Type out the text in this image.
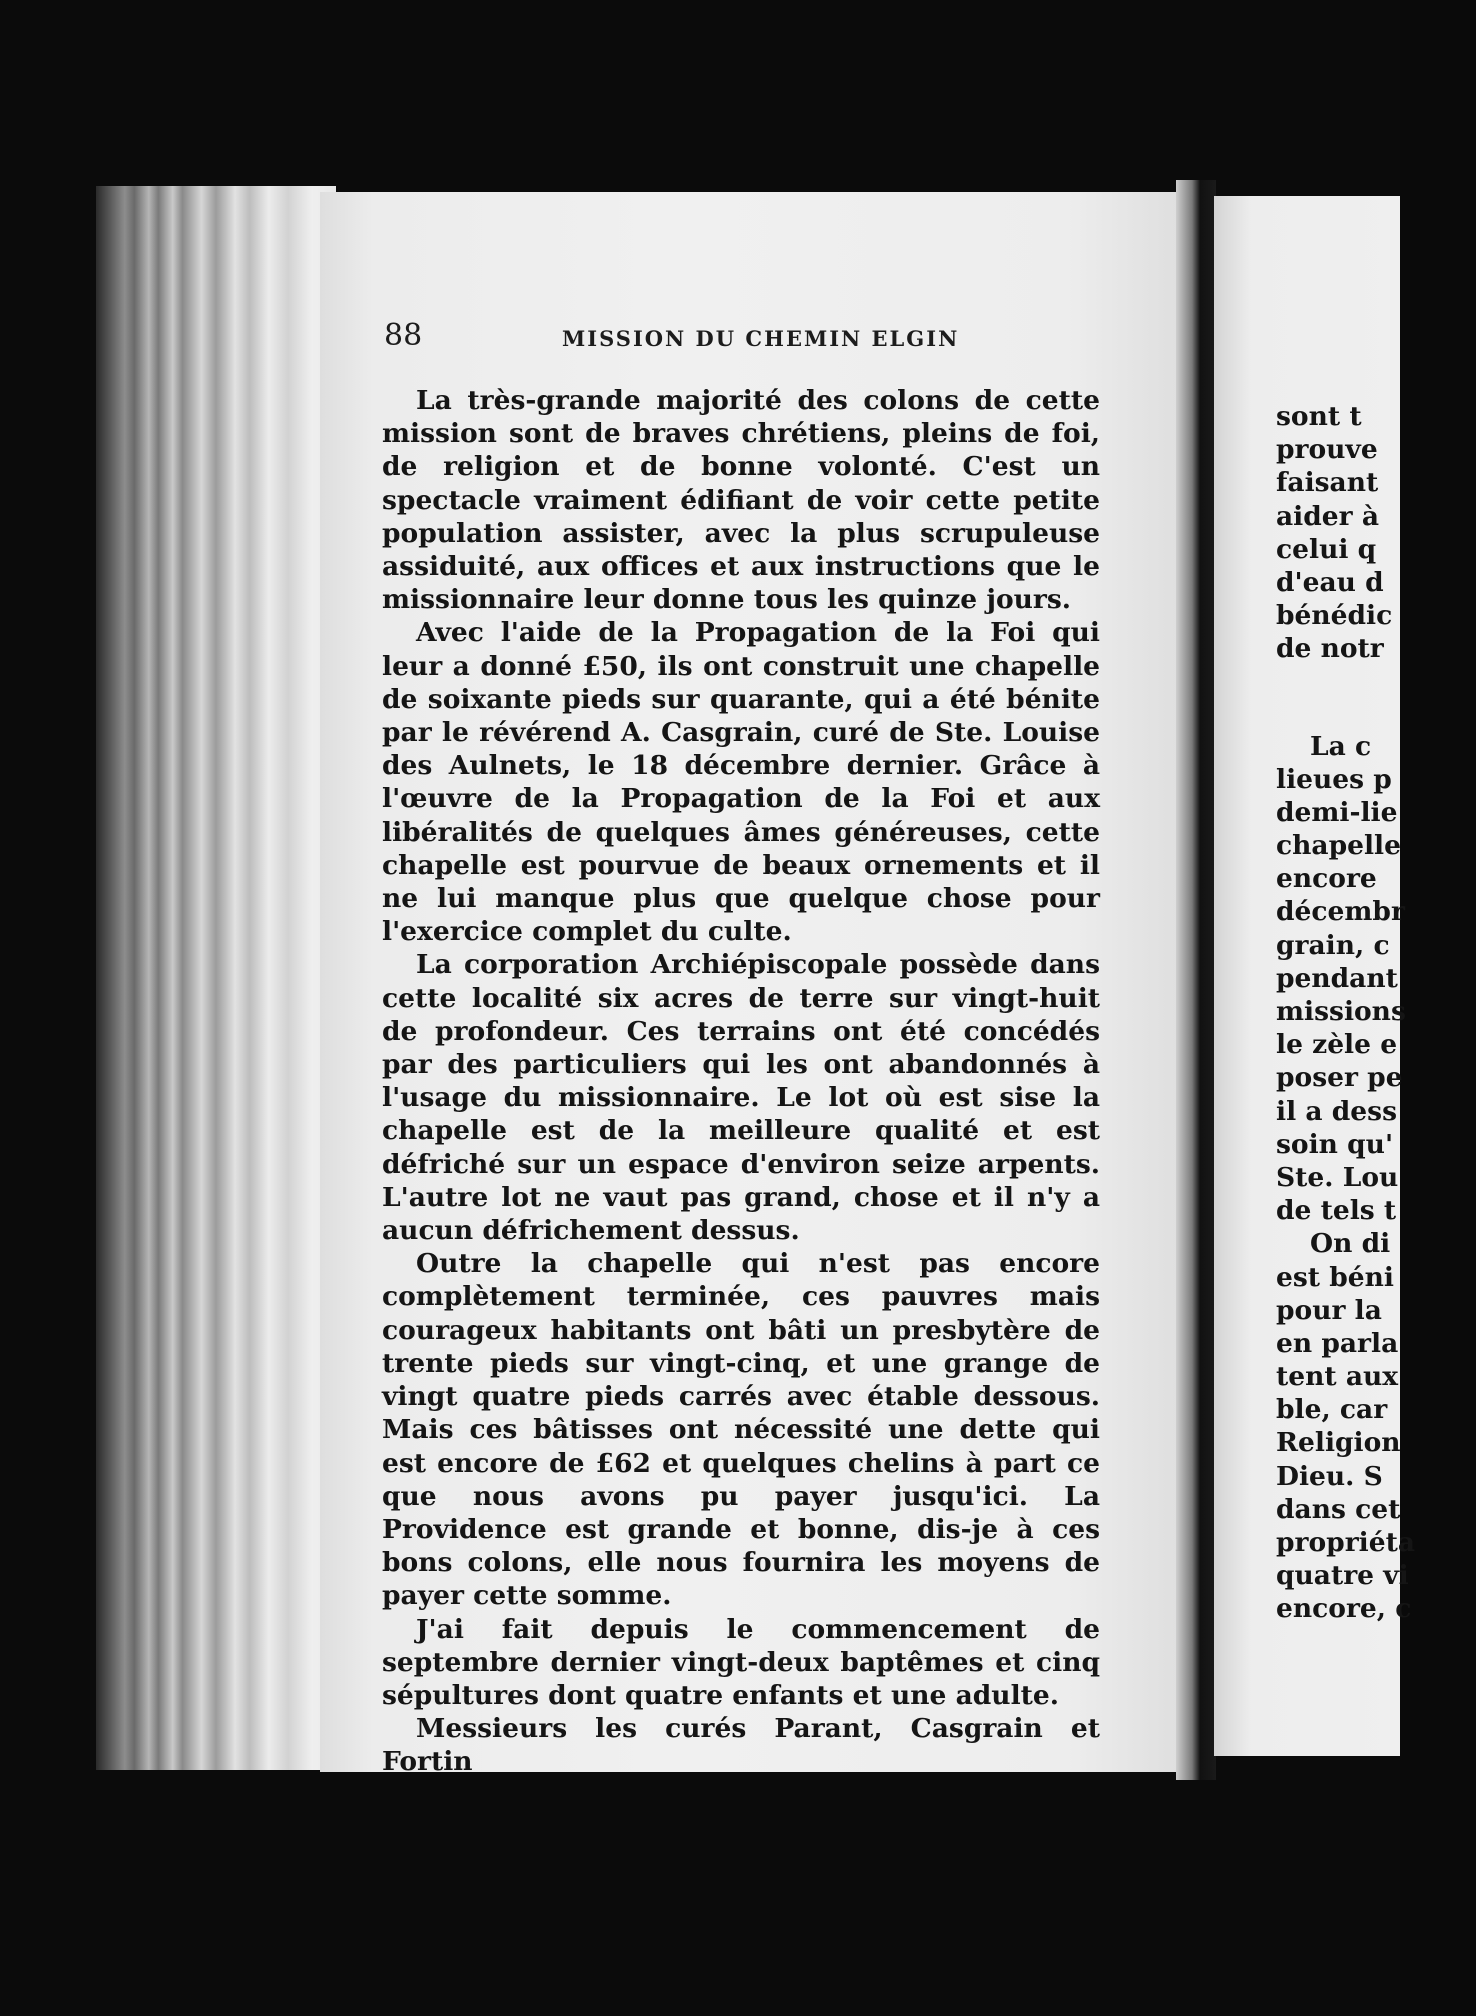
88	MISSION DU CHEMIN ELGIN

La très-grande majorité des colons de cette mission sont de braves chrétiens, pleins de foi, de religion et de bonne volonté. C'est un spectacle vraiment édifiant de voir cette petite population assister, avec la plus scrupuleuse assiduité, aux offices et aux instructions que le missionnaire leur donne tous les quinze jours.

Avec l'aide de la Propagation de la Foi qui leur a donné £50, ils ont construit une chapelle de soixante pieds sur quarante, qui a été bénite par le révérend A. Casgrain, curé de Ste. Louise des Aulnets, le 18 décembre dernier. Grâce à l'œuvre de la Propagation de la Foi et aux libéralités de quelques âmes généreuses, cette chapelle est pourvue de beaux ornements et il ne lui manque plus que quelque chose pour l'exercice complet du culte.

La corporation Archiépiscopale possède dans cette localité six acres de terre sur vingt-huit de profondeur. Ces terrains ont été concédés par des particuliers qui les ont abandonnés à l'usage du missionnaire. Le lot où est sise la chapelle est de la meilleure qualité et est défriché sur un espace d'environ seize arpents. L'autre lot ne vaut pas grand, chose et il n'y a aucun défrichement dessus.

Outre la chapelle qui n'est pas encore complètement terminée, ces pauvres mais courageux habitants ont bâti un presbytère de trente pieds sur vingt-cinq, et une grange de vingt quatre pieds carrés avec étable dessous. Mais ces bâtisses ont nécessité une dette qui est encore de £62 et quelques chelins à part ce que nous avons pu payer jusqu'ici. La Providence est grande et bonne, dis-je à ces bons colons, elle nous fournira les moyens de payer cette somme.

J'ai fait depuis le commencement de septembre dernier vingt-deux baptêmes et cinq sépultures dont quatre enfants et une adulte.

Messieurs les curés Parant, Casgrain et Fortin

sont t
prouve
faisant
aider à
celui q
d'eau d
bénédic
de notr
La c
lieues p
demi-lie
chapelle
encore
décembr
grain, c
pendant
missions
le zèle e
poser pe
il a dess
soin qu'
Ste. Lou
de tels t
On di
est béni
pour la
en parla
tent aux
ble, car
Religion
Dieu. S
dans cet
propriéta
quatre vi
encore, c
